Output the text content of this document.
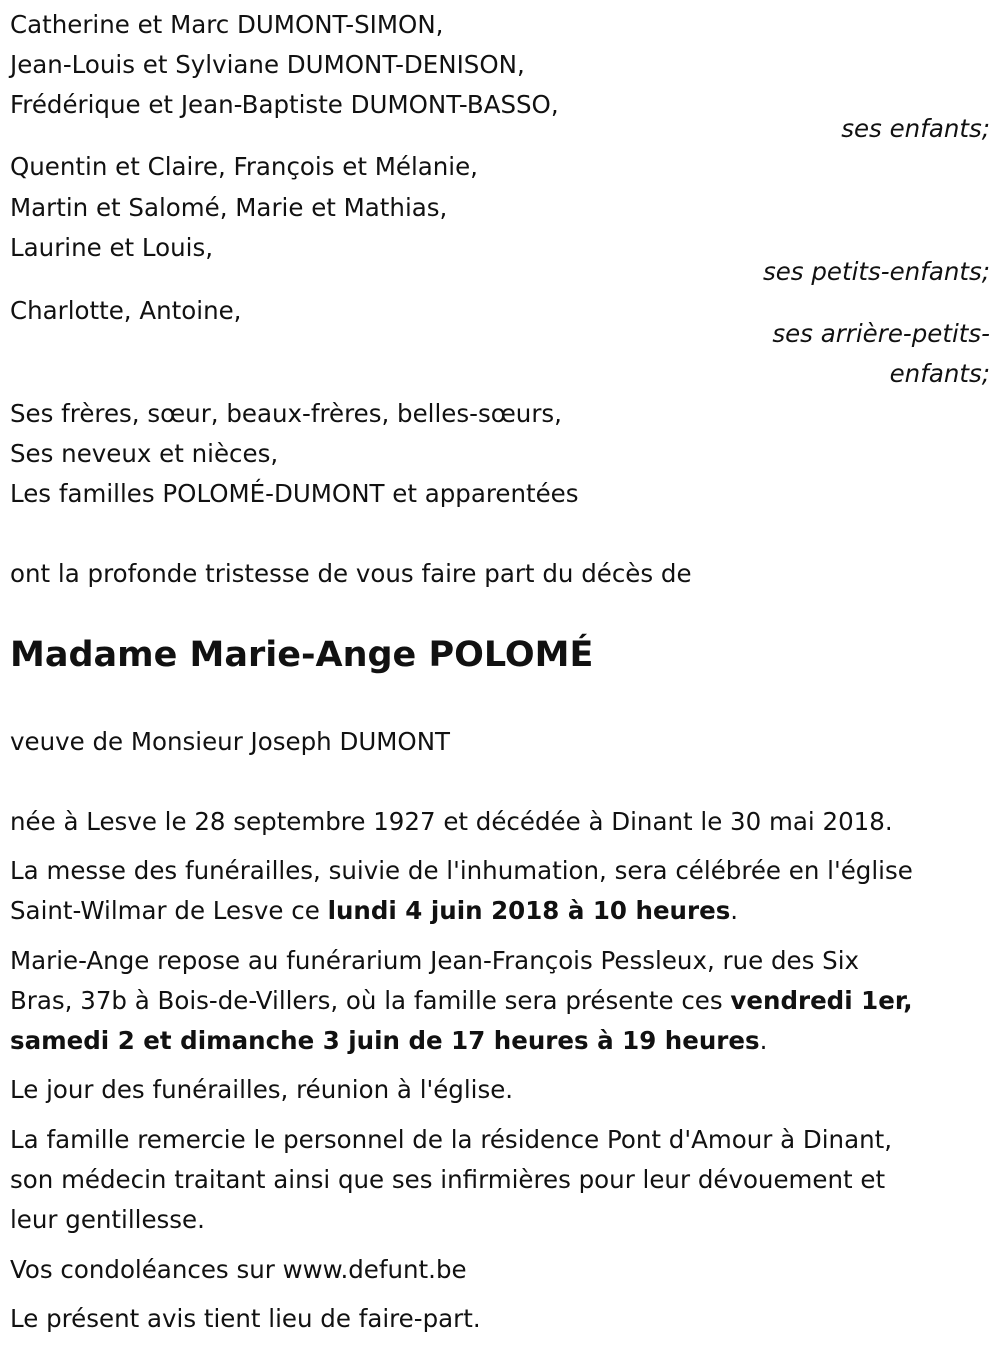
Catherine et Marc DUMONT-SIMON,
Jean-Louis et Sylviane DUMONT-DENISON,
Frédérique et Jean-Baptiste DUMONT-BASSO,
ses enfants;
Quentin et Claire, François et Mélanie,
Martin et Salomé, Marie et Mathias,
Laurine et Louis,
ses petits-enfants;
Charlotte, Antoine,
ses arrière-petits-
enfants;
Ses frères, sœur, beaux-frères, belles-sœurs,
Ses neveux et nièces,
Les familles POLOMÉ-DUMONT et apparentées
ont la profonde tristesse de vous faire part du décès de
Madame Marie-Ange POLOMÉ
veuve de Monsieur Joseph DUMONT
née à Lesve le 28 septembre 1927 et décédée à Dinant le 30 mai 2018.
La messe des funérailles, suivie de l'inhumation, sera célébrée en l'église
Saint-Wilmar de Lesve ce lundi 4 juin 2018 à 10 heures.
Marie-Ange repose au funérarium Jean-François Pessleux, rue des Six
Bras, 37b à Bois-de-Villers, où la famille sera présente ces vendredi 1er,
samedi 2 et dimanche 3 juin de 17 heures à 19 heures.
Le jour des funérailles, réunion à l'église.
La famille remercie le personnel de la résidence Pont d'Amour à Dinant,
son médecin traitant ainsi que ses infirmières pour leur dévouement et
leur gentillesse.
Vos condoléances sur www.defunt.be
Le présent avis tient lieu de faire-part.
